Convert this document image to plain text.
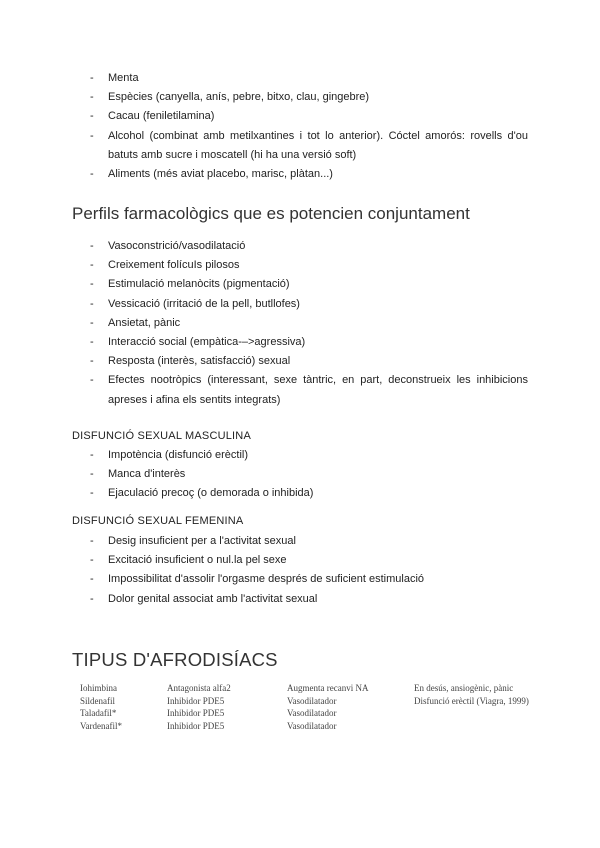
- Menta
- Espècies (canyella, anís, pebre, bitxo, clau, gingebre)
- Cacau (feniletilamina)
- Alcohol (combinat amb metilxantines i tot lo anterior). Cóctel amorós: rovells d'ou batuts amb sucre i moscatell (hi ha una versió soft)
- Aliments (més aviat placebo, marisc, plàtan...)
Perfils farmacològics que es potencien conjuntament
- Vasoconstrició/vasodilatació
- Creixement folícuIs pilosos
- Estimulació melanòcits (pigmentació)
- Vessicació (irritació de la pell, butllofes)
- Ansietat, pànic
- Interacció social (empàtica-–>agressiva)
- Resposta (interès, satisfacció) sexual
- Efectes nootròpics (interessant, sexe tàntric, en part, deconstrueix les inhibicions apreses i afina els sentits integrats)

DISFUNCIÓ SEXUAL MASCULINA

- Impotència (disfunció erèctil)
- Manca d'interès
- Ejaculació precoç (o demorada o inhibida)

DISFUNCIÓ SEXUAL FEMENINA

- Desig insuficient per a l'activitat sexual
- Excitació insuficient o nul.la pel sexe
- Impossibilitat d'assolir l'orgasme després de suficient estimulació
- Dolor genital associat amb l'activitat sexual
TIPUS D'AFRODISÍACS
Iohimbina	Antagonista alfa2	Augmenta recanvi NA	En desús, ansiogènic, pànic
Sildenafil	Inhibidor PDE5	Vasodilatador	Disfunció erèctil (Viagra, 1999)
Taladafil*	Inhibidor PDE5	Vasodilatador	
Vardenafil*	Inhibidor PDE5	Vasodilatador	
